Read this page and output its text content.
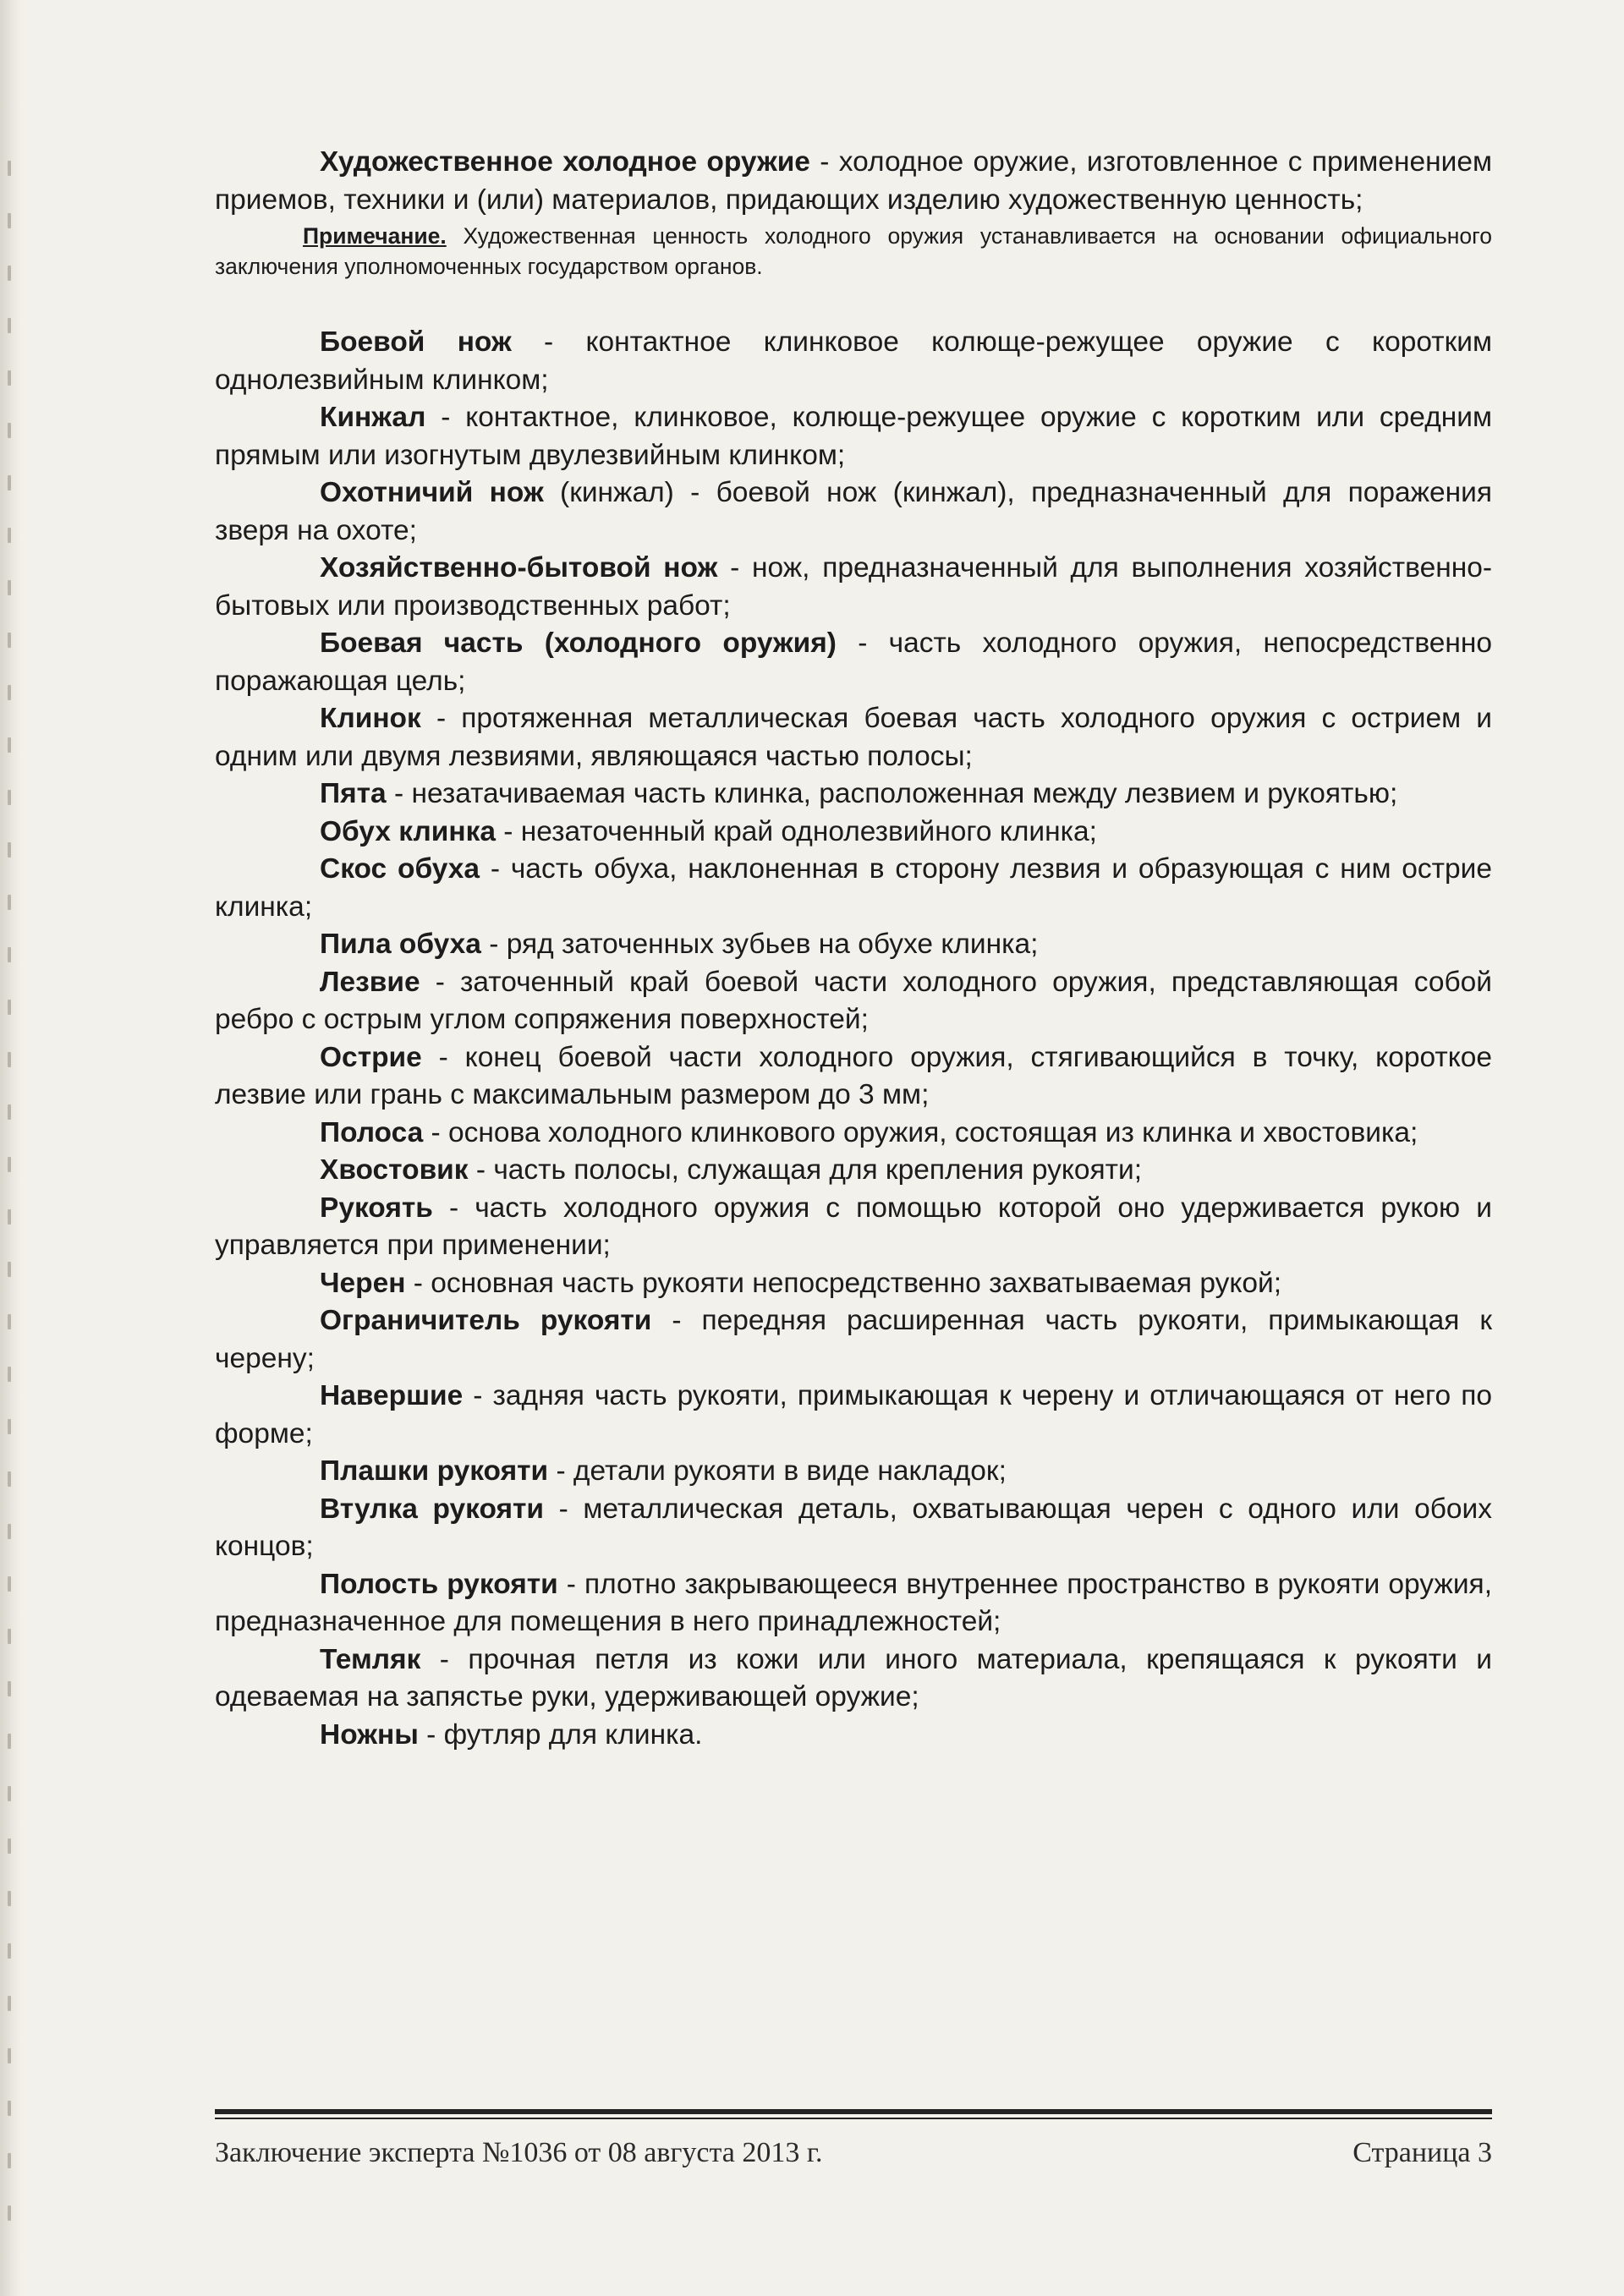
Художественное холодное оружие - холодное оружие, изготовленное с применением приемов, техники и (или) материалов, придающих изделию художественную ценность;

Примечание. Художественная ценность холодного оружия устанавливается на основании официального заключения уполномоченных государством органов.

Боевой нож - контактное клинковое колюще-режущее оружие с коротким однолезвийным клинком;

Кинжал - контактное, клинковое, колюще-режущее оружие с коротким или средним прямым или изогнутым двулезвийным клинком;

Охотничий нож (кинжал) - боевой нож (кинжал), предназначенный для поражения зверя на охоте;

Хозяйственно-бытовой нож - нож, предназначенный для выполнения хозяйственно-бытовых или производственных работ;

Боевая часть (холодного оружия) - часть холодного оружия, непосредственно поражающая цель;

Клинок - протяженная металлическая боевая часть холодного оружия с острием и одним или двумя лезвиями, являющаяся частью полосы;

Пята - незатачиваемая часть клинка, расположенная между лезвием и рукоятью;

Обух клинка - незаточенный край однолезвийного клинка;

Скос обуха - часть обуха, наклоненная в сторону лезвия и образующая с ним острие клинка;

Пила обуха - ряд заточенных зубьев на обухе клинка;

Лезвие - заточенный край боевой части холодного оружия, представляющая собой ребро с острым углом сопряжения поверхностей;

Острие - конец боевой части холодного оружия, стягивающийся в точку, короткое лезвие или грань с максимальным размером до 3 мм;

Полоса - основа холодного клинкового оружия, состоящая из клинка и хвостовика;

Хвостовик - часть полосы, служащая для крепления рукояти;

Рукоять - часть холодного оружия с помощью которой оно удерживается рукою и управляется при применении;

Черен - основная часть рукояти непосредственно захватываемая рукой;

Ограничитель рукояти - передняя расширенная часть рукояти, примыкающая к черену;

Навершие - задняя часть рукояти, примыкающая к черену и отличающаяся от него по форме;

Плашки рукояти - детали рукояти в виде накладок;

Втулка рукояти - металлическая деталь, охватывающая черен с одного или обоих концов;

Полость рукояти - плотно закрывающееся внутреннее пространство в рукояти оружия, предназначенное для помещения в него принадлежностей;

Темляк - прочная петля из кожи или иного материала, крепящаяся к рукояти и одеваемая на запястье руки, удерживающей оружие;

Ножны - футляр для клинка.

Заключение эксперта №1036 от 08 августа 2013 г.	Страница 3
